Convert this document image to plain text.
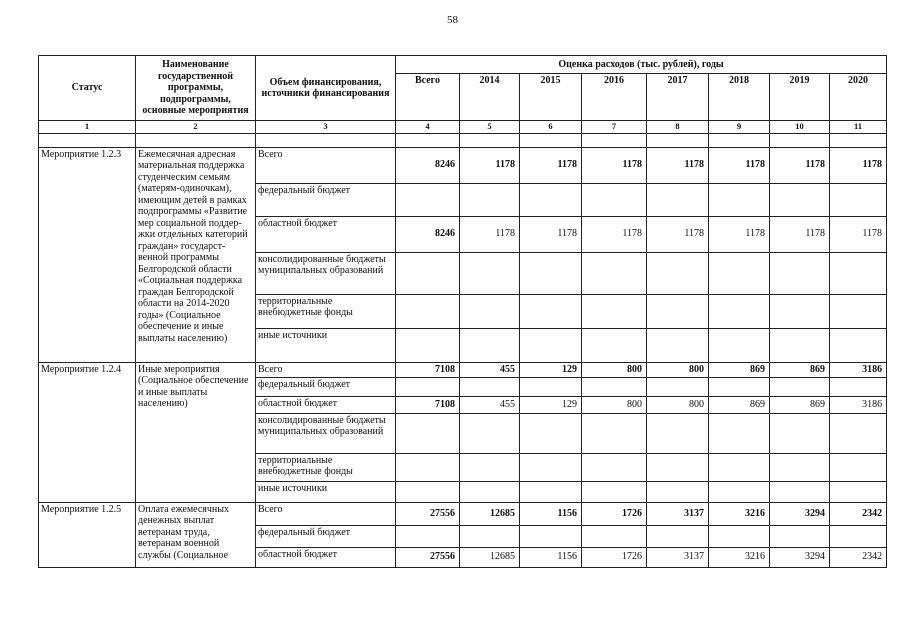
58
Статус	Наименование государственной программы, подпрограммы, основные мероприятия	Объем финансирования, источники финансирования	Оценка расходов (тыс. рублей), годы							
			Всего	2014	2015	2016	2017	2018	2019	2020
1	2	3	4	5	6	7	8	9	10	11

Мероприятие 1.2.3	Ежемесячная адресная материальная поддержка студенческим семьям (матерям-одиночкам), имеющим детей в рамках подпрограммы «Развитие мер социальной поддер-жки отдельных категорий граждан» государст-венной программы Белгородской области «Социальная поддержка граждан Белгородской области на 2014-2020 годы» (Социальное обеспечение и иные выплаты населению)	Всего	8246	1178	1178	1178	1178	1178	1178	1178
		федеральный бюджет								
		областной бюджет	8246	1178	1178	1178	1178	1178	1178	1178
		консолидированные бюджеты муниципальных образований								
		территориальные внебюджетные фонды								
		иные источники								
Мероприятие 1.2.4	Иные мероприятия (Социальное обеспечение и иные выплаты населению)	Всего	7108	455	129	800	800	869	869	3186
		федеральный бюджет								
		областной бюджет	7108	455	129	800	800	869	869	3186
		консолидированные бюджеты муниципальных образований								
		территориальные внебюджетные фонды								
		иные источники								
Мероприятие 1.2.5	Оплата ежемесячных денежных выплат ветеранам труда, ветеранам военной службы (Социальное	Всего	27556	12685	1156	1726	3137	3216	3294	2342
		федеральный бюджет								
		областной бюджет	27556	12685	1156	1726	3137	3216	3294	2342
